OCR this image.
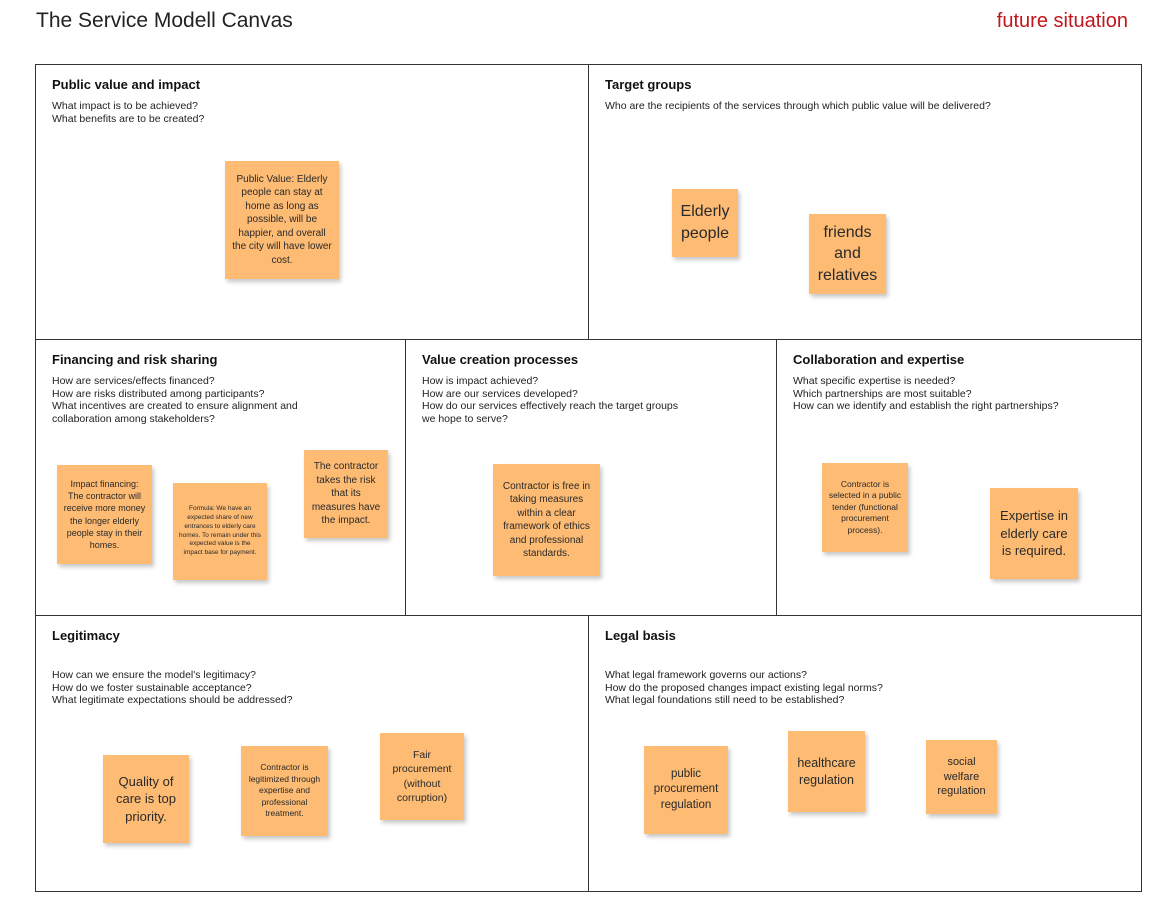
The Service Modell Canvas	future situation
Public value and impact
What impact is to be achieved?
What benefits are to be created?
Public Value: Elderly people can stay at home as long as possible, will be happier, and overall the city will have lower cost.
Target groups
Who are the recipients of the services through which public value will be delivered?
Elderly people	friends and relatives
Financing and risk sharing
How are services/effects financed?
How are risks distributed among participants?
What incentives are created to ensure alignment and
collaboration among stakeholders?
Impact financing: The contractor will receive more money the longer elderly people stay in their homes.
Formula: We have an expected share of new entrances to elderly care homes. To remain under this expected value is the impact base for payment.
The contractor takes the risk that its measures have the impact.
Value creation processes
How is impact achieved?
How are our services developed?
How do our services effectively reach the target groups
we hope to serve?
Contractor is free in taking measures within a clear framework of ethics and professional standards.
Collaboration and expertise
What specific expertise is needed?
Which partnerships are most suitable?
How can we identify and establish the right partnerships?
Contractor is selected in a public tender (functional procurement process).
Expertise in elderly care is required.
Legitimacy
How can we ensure the model's legitimacy?
How do we foster sustainable acceptance?
What legitimate expectations should be addressed?
Quality of care is top priority.
Contractor is legitimized through expertise and professional treatment.
Fair procurement (without corruption)
Legal basis
What legal framework governs our actions?
How do the proposed changes impact existing legal norms?
What legal foundations still need to be established?
public procurement regulation
healthcare regulation
social welfare regulation
